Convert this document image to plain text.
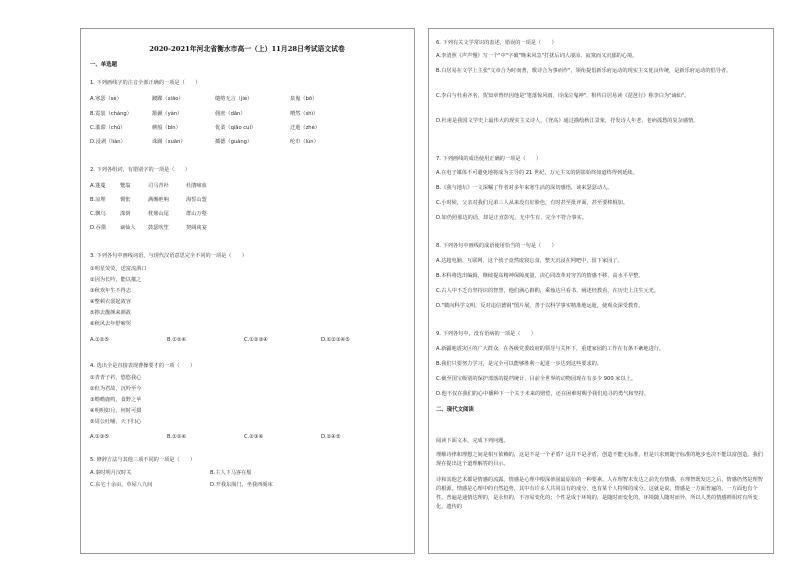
2020-2021年河北省衡水市高一（上）11月28日考试语文试卷
一、单选题
1. 下列画线字的注音全部正确的一项是（　　）
A.寒瑟（sè）	踱蹀（xiāo）	缱绻无言（jié）	泉嵬（bō）
B.霓裳（cháng）	颔颡（yàn）	佣庶（dān）	喟然（shì）
C.滥滞（chǔ）	蘑般（bìn）	优柔（qiāo cul）	迁逝（zhé）
D.浸剥（liàn）	诛蹑（xuān）	插德（guàng）	纶巾（lún）
2. 下列各组词，有错别字的一项是（　　）
A.蓬蔓	蹩翁	司马青衫	杜鹃啼血
B.凉埋	惆怅	满缃绝响	海誓山盟
C.飘乌	滦倒	枕鼎山尾	群山万壑
D.吞罄	谪仙人 鼓瑟吹笙	契阔谈宴
3. 下列各句中画线词语，与现代汉语意思完全不同的一项是（　　）
①明星荧荧，送富流酒口
②因为长吟，能以摧之
③秋欢年生不得志
④整顿衣裳起敛容
⑤擦去靓颜来颜故
⑥秋风去年舒啼哭
A.①②⑤	B.①②④	C.①②③④	D.①②③④⑤
4. 选出全是直接表现曹操要才的一项（　　）
①青青子衿，悠悠我心
②但为君故，沉吟至今
③呦呦鹿鸣，食野之苹
④明明如月，何时可掇
⑤周公吐哺，天下归心
A.①③⑤	B.①②④	C.②③④	D.②④⑤
5. 修辞方法与其他三项不同的一项是（　　）
A.秦时明月汉时关	B.主人下马客在船
C.东宅十余亩，草屋八九间	D.开我东阁门，坐我西阁床
6. 下列有关文学常识的表述，错误的一项是（　　）
A.李清照《声声慢》写一个"中"字破"晚来风急"打扰后词人凄凉、寂寞而又沉郁的心境。
B.白居易在文学上主张"文章合为时而著，歌诗合为事而作"，领衔提倡新乐府运动的现实主义优良传统，是新乐府运动的倡导者。
C.李白与杜甫齐名，贺知章曾经因他是"笔落惊风雨，诗成泣鬼神"，相传白居易读《琵琶行》称李白为"谪仙"。
D.杜甫是我国文学史上最伟大的现实主义诗人，《登高》通过描绘秋江景象，抒发诗人年老、老病孤愁的复杂感情。
7. 下列画线的成语使用正确的一项是（　　）
A.在电子媒体不可避免地将成为主导的 21 世纪，万元主义的阴影始终如道终得到延续。
B.《我与地坛》一文深嘱了作者对多年来寒生活的深切感悟，读来瑟瑟动人。
C.小时候，父亲对我们兄弟三人从来没有好脸色，有时甚至批评面，甚至要棒棍加。
D.如仍照那边的话，却是正直彭宪，无中生有，完全不符合事实。
8. 下列各句中画线的成语使用恰当的一句是（　　）
A.达超电脑、互联网，这个孩子竟然废寝忘食，整天沉浸在网吧中，留下家园了。
B.本科将选出编辑，继续提高精神保障度量，决心同改革对穷苦的情感不移、高水平早整。
C.古人中不乏有坚持识的智慧，他们满心斟酌，乘烛达旦看书、阐述经教看，在历史上注生元光。
D."微向科学文明，反对违信德钢"图片展，善于以科学事实精准地运逝，使观众深受教育。
9. 下列各句中，没有语病的一项是（　　）
A.新疆地震灾区的广大群众，在各级党委政府的领导与关怀下，重建家园的工作在有条不紊地进行。
B.我们只要努力学习，是完全可以能够胜利一起进一步达到这些要求的。
C.截至国宝级别的保护部落的提档统计，目前全世界的动物园现在有多少 900 家以上。
D.他不仅在我们的心中播种下一个关于未来的赔偿，还在困难时赐予我们追寻的勇气和坚持。
二、现代文阅读
阅读下面文本，完成下列问题。
理解诗律和理想之间是相互依赖的，这是不是一个矛盾？这并不是矛盾，创造不能无标准，但是只求到随守标准的地步也决不能以富创造。我们现在提出这个道理解答的目示。
诗和其他艺术都是情感的流露。情感是心理中根深蒂固最原始的一种要素。人在理智未发达之前先有情感，在理智既发达之后，情感仍然是理智的根源。情感是心理中的自然趋势，其中有许多人共同具有的成分，也有某个人特殊的成分。这就是说，情感是一方面普遍的，一方面也有个性。普遍是通情达理的，是永恒的，不容易变化的；个性是成于环境的，是随时而变化的。环境随人随时而异，所以人类的情感则相对有所变化，遗传的
